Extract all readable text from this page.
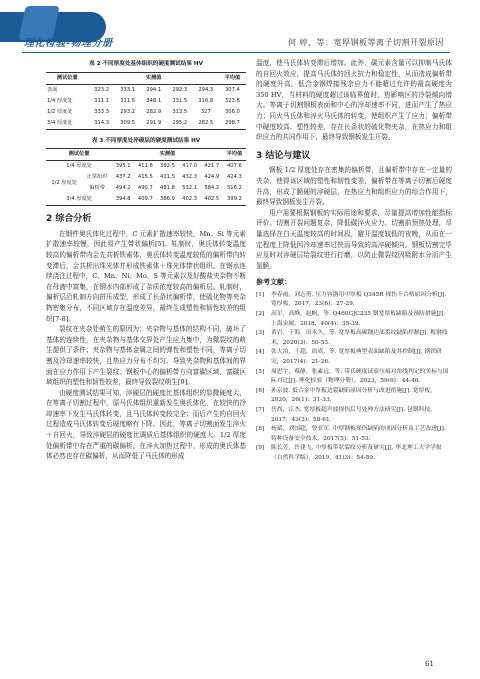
理化检验-物理分册	何 婷，等：宽厚钢板等离子切割开裂原因
表 2 不同厚度处基体组织的硬度测试结果 HV
测试位置	实测值					平均值
表面	323.2	333.1	294.1	292.3	294.3	307.4
1/4 厚度处	311.1	311.5	348.1	331.5	316.8	323.8
1/2 厚度处	333.3	293.2	282.9	313.5	327	306.0
3/4 厚度处	314.3	309.5	291.9	295.2	282.5	298.7
表 3 不同厚度处淬硬层的硬度测试结果 HV
测试位置		实测值					平均值
1/4 厚度处		395.1	411.8	392.5	417.0	421.7	407.6
1/2 厚度处	正常组织	437.2	415.5	411.5	432.3	424.9	424.3
	偏析带	494.2	490.7	481.8	532.1	584.2	516.2
3/4 厚度处		394.8	409.7	386.9	402.3	402.5	399.2
2 综合分析

在钢件奥氏体化过程中，C 元素扩散速率较快，Mn、Si 等元素扩散速率较慢，因此易产生带状偏析[5]。轧制时，奥氏体转变温度较高的偏析带内会先共析铁素体，奥氏体转变温度较低的偏析带内转变滞后，会共析出珠光体并形成铁素体＋珠光体带状组织。在钢水连续浇注过程中，C、Mn、Ni、Mo、S 等元素以及好酸盐夹杂物不断在母液中富集，在钢水内部形成了杂质浓度较高的偏析层。轧制时，偏析层沿轧制方向拼压成型，形成了长条状偏析带，使硫化物等夹杂物密集分布，不同区域存在温度差异，最终生成塑性和韧性较差的组织[7-8]。

裂纹在夹杂处萌生的原因为：夹杂物与基体的结构不同，破坏了基体的连续性，在夹杂物与基体交界处产生应力集中，为微裂纹的萌生提供了条件；夹杂物与基体金属之间的弹性和塑性不同，等离子切割及冷却速率较快，且热应力分布不均匀，导致夹杂物和基体间的界面在应力作用下产生裂纹；钢板中心的偏析带方向富碳区域，富碳区域组织的塑性和韧性较差，最终导致裂纹萌生[9]。

由硬度测试结果可知，淬硬层的硬度比基体组织的显微硬度大，在等离子切割过程中，原马氏体组织重新发生奥氏体化，在较快的冷却速率下发生马氏体转变，且马氏体转变较完全；而后产生的自回火过程造成马氏体转变后硬度略有下降。因此，等离子切割面发生淬火＋自回火，导致淬硬层的硬度比调质后基体组织的硬度大。1/2 厚度处偏析带中存在严重的碳偏析，在淬火加热过程中，形成的奥氏体基体必然也存在碳偏析，从而降低了马氏体的形成

温度，使马氏体转变滞后增加。此外，碳元素含量可以抑制马氏体的自回火效应，提高马氏体的回火抗力和稳定性，从而造成偏析带的硬度升高。低合金钢焊接残余应力不能超过允许的最高硬度为 350 HV，当材料的硬度超过该临界值时，热影响区的冷裂倾向增大。等离子切割钢板表面和中心的冷却速率不同，进而产生了热应力；同火马氏体和淬火马氏体的转变，使组织产生了应力；偏析带中硬度较高、塑性较差，存在长条状的硫化物夹杂，在热应力和组织应力的共同作用下，最终导致钢板发生开裂。

3 结论与建议

钢板 1/2 厚度处存在密集的偏析带，且偏析带中存在一定量的夹杂，使得该区域的塑性和韧性变差，偏析带在等离子切割后硬度升高，形成了脆硬的淬硬层，在热应力和组织应力的综合作用下，最终导致钢板发生开裂。

用户需要根据钢板的实际用途和要求，尽量提高增加性能指标评价。切割开裂问题复杂，降低碳淬火应力。切割前预热处理，尽量选择在白天温度较高的时间段，避开温度较低的夜晚，从而在一定程度上降低因冷却速率过快而导致的高淬硬倾向。钢板切割完毕应及时对淬硬层给裂纹进行打磨，以防止微裂纹因吸附水分而产生氢脆。

参考文献：
[1]	李春雨，刘志勇. 压力容器用中厚板 Q345R 探伤不合格原因分析[J]. 宽厚板，2017，23(6)：27-29.
[2]	高军，高峰，赵帆，等. Q460GJC235 钢宽厚板缺陷及预防措施[J]. 上海金属，2018，40(4)：35-39.
[3]	黄岩，于海，田永久，等. 宽厚板高碳钢边部裂纹缺陷控制[J]. 板钢技术，2020(3)：50-53.
[4]	张大治，王超，宿成，等. 宽厚板典型表面缺陷及其控制[J]. 钢铁研究，2017(4)：21-26.
[5]	周思宇，蔡静，张素远，等. 带氏硬度试验压痕对角线判定的美标与国际对比[J]. 理化检验（物理分册），2023，59(6)：44-46.
[6]	孙京波. 低合金中厚板边裂缺陷原因分析与改进措施[J]. 宽厚板，2020，26(1)：31-33.
[7]	岳尚，江杰. 宽厚板超声波探伤后号处理方法研究[J]. 包钢科技，2017，43(3)：58-61.
[8]	杨斌，刘国超，曾亚军. 中厚钢板探伤缺陷的成因分析及工艺改进[J]. 特种设备安全技术，2017(5)：51-53.
[9]	陈长芳，许建飞. 中厚板带状裂纹分析及研究[J]. 华北理工大学学报（自然科学版），2019，41(3)：54-59.
61
